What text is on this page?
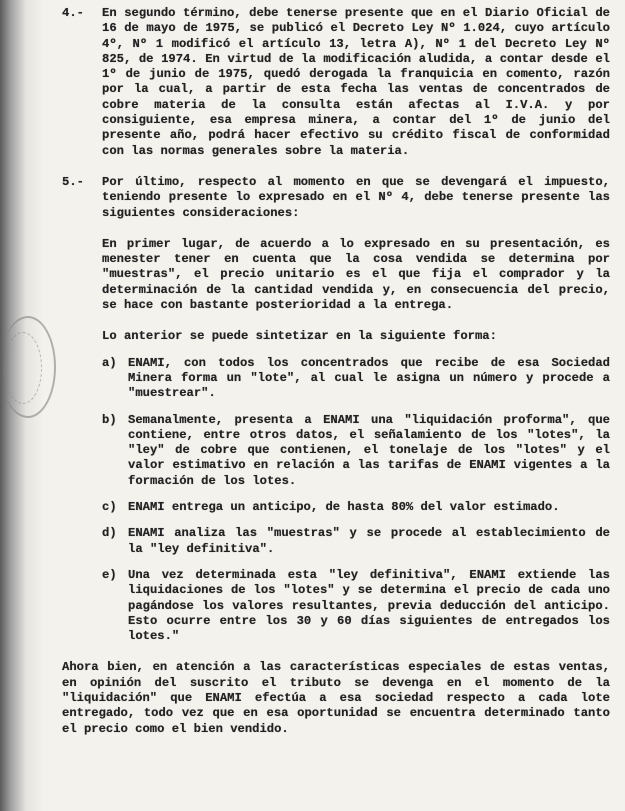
4.- En segundo término, debe tenerse presente que en el Diario Oficial de 16 de mayo de 1975, se publicó el Decreto Ley Nº 1.024, cuyo artículo 4º, Nº 1 modificó el artículo 13, letra A), Nº 1 del Decreto Ley Nº 825, de 1974. En virtud de la modificación aludida, a contar desde el 1º de junio de 1975, quedó derogada la franquicia en comento, razón por la cual, a partir de esta fecha las ventas de concentrados de cobre materia de la consulta están afectas al I.V.A. y por consiguiente, esa empresa minera, a contar del 1º de junio del presente año, podrá hacer efectivo su crédito fiscal de conformidad con las normas generales sobre la materia.
5.- Por último, respecto al momento en que se devengará el impuesto, teniendo presente lo expresado en el Nº 4, debe tenerse presente las siguientes consideraciones:
En primer lugar, de acuerdo a lo expresado en su presentación, es menester tener en cuenta que la cosa vendida se determina por "muestras", el precio unitario es el que fija el comprador y la determinación de la cantidad vendida y, en consecuencia del precio, se hace con bastante posterioridad a la entrega.
Lo anterior se puede sintetizar en la siguiente forma:
a) ENAMI, con todos los concentrados que recibe de esa Sociedad Minera forma un "lote", al cual le asigna un número y procede a "muestrear".
b) Semanalmente, presenta a ENAMI una "liquidación proforma", que contiene, entre otros datos, el señalamiento de los "lotes", la "ley" de cobre que contienen, el tonelaje de los "lotes" y el valor estimativo en relación a las tarifas de ENAMI vigentes a la formación de los lotes.
c) ENAMI entrega un anticipo, de hasta 80% del valor estimado.
d) ENAMI analiza las "muestras" y se procede al establecimiento de la "ley definitiva".
e) Una vez determinada esta "ley definitiva", ENAMI extiende las liquidaciones de los "lotes" y se determina el precio de cada uno pagándose los valores resultantes, previa deducción del anticipo. Esto ocurre entre los 30 y 60 días siguientes de entregados los lotes."
Ahora bien, en atención a las características especiales de estas ventas, en opinión del suscrito el tributo se devenga en el momento de la "liquidación" que ENAMI efectúa a esa sociedad respecto a cada lote entregado, todo vez que en esa oportunidad se encuentra determinado tanto el precio como el bien vendido.
